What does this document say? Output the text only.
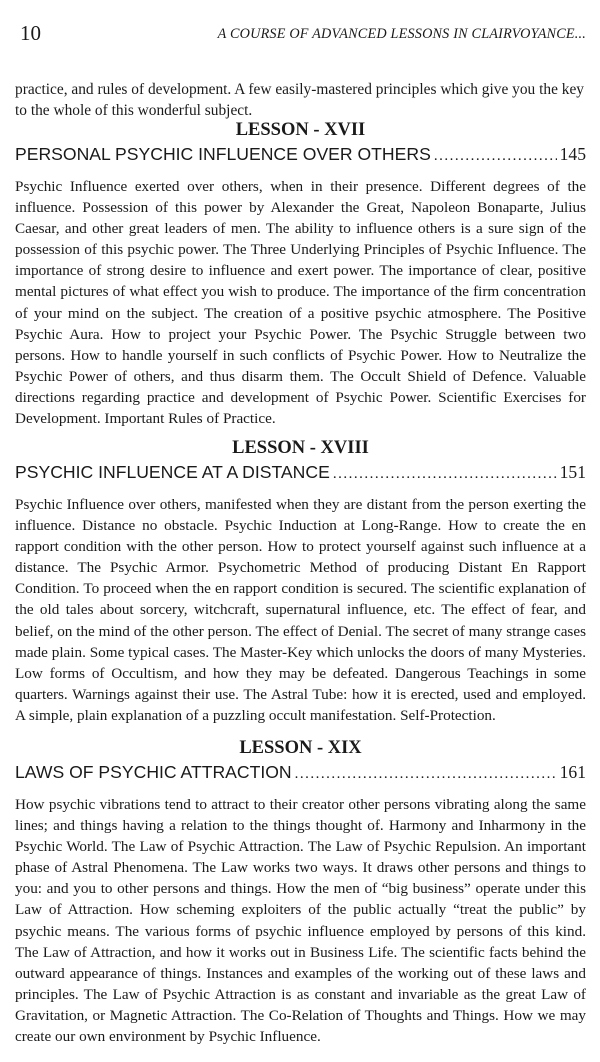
10	A COURSE OF ADVANCED LESSONS IN CLAIRVOYANCE...

practice, and rules of development. A few easily-mastered principles which give you the key to the whole of this wonderful subject.

LESSON - XVII
PERSONAL PSYCHIC INFLUENCE OVER OTHERS .....	145

Psychic Influence exerted over others, when in their presence. Different degrees of the influence. Possession of this power by Alexander the Great, Napoleon Bonaparte, Julius Caesar, and other great leaders of men. The ability to influence others is a sure sign of the possession of this psychic power. The Three Underlying Principles of Psychic Influence. The importance of strong desire to influence and exert power. The importance of clear, positive mental pictures of what effect you wish to produce. The importance of the firm concentration of your mind on the subject. The creation of a positive psychic atmosphere. The Positive Psychic Aura. How to project your Psychic Power. The Psychic Struggle between two persons. How to handle yourself in such conflicts of Psychic Power. How to Neutralize the Psychic Power of others, and thus disarm them. The Occult Shield of Defence. Valuable directions regarding practice and development of Psychic Power. Scientific Exercises for Development. Important Rules of Practice.

LESSON - XVIII
PSYCHIC INFLUENCE AT A DISTANCE .....	151

Psychic Influence over others, manifested when they are distant from the person exerting the influence. Distance no obstacle. Psychic Induction at Long-Range. How to create the en rapport condition with the other person. How to protect yourself against such influence at a distance. The Psychic Armor. Psychometric Method of producing Distant En Rapport Condition. To proceed when the en rapport condition is secured. The scientific explanation of the old tales about sorcery, witchcraft, supernatural influence, etc. The effect of fear, and belief, on the mind of the other person. The effect of Denial. The secret of many strange cases made plain. Some typical cases. The Master-Key which unlocks the doors of many Mysteries. Low forms of Occultism, and how they may be defeated. Dangerous Teachings in some quarters. Warnings against their use. The Astral Tube: how it is erected, used and employed. A simple, plain explanation of a puzzling occult manifestation. Self-Protection.

LESSON - XIX
LAWS OF PSYCHIC ATTRACTION .....	161

How psychic vibrations tend to attract to their creator other persons vibrating along the same lines; and things having a relation to the things thought of. Harmony and Inharmony in the Psychic World. The Law of Psychic Attraction. The Law of Psychic Repulsion. An important phase of Astral Phenomena. The Law works two ways. It draws other persons and things to you: and you to other persons and things. How the men of “big business” operate under this Law of Attraction. How scheming exploiters of the public actually “treat the public” by psychic means. The various forms of psychic influence employed by persons of this kind. The Law of Attraction, and how it works out in Business Life. The scientific facts behind the outward appearance of things. Instances and examples of the working out of these laws and principles. The Law of Psychic Attraction is as constant and invariable as the great Law of Gravitation, or Magnetic Attraction. The Co-Relation of Thoughts and Things. How we may create our own environment by Psychic Influence.
